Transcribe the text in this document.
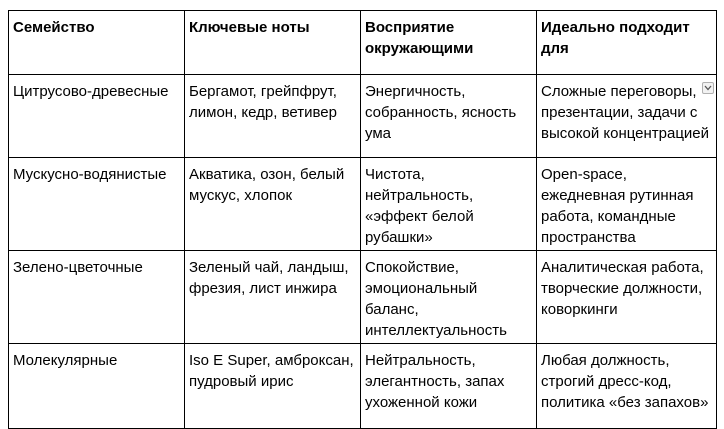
Семейство	Ключевые ноты	Восприятие окружающими	Идеально подходит для
Цитрусово-древесные	Бергамот, грейпфрут, лимон, кедр, ветивер	Энергичность, собранность, ясность ума	Сложные переговоры, презентации, задачи с высокой концентрацией

Мускусно-водянистые	Акватика, озон, белый мускус, хлопок	Чистота, нейтральность, «эффект белой рубашки»	Open-space, ежедневная рутинная работа, командные пространства
Зелено-цветочные	Зеленый чай, ландыш, фрезия, лист инжира	Спокойствие, эмоциональный баланс, интеллектуальность	Аналитическая работа, творческие должности, коворкинги
Молекулярные	Iso E Super, амброксан, пудровый ирис	Нейтральность, элегантность, запах ухоженной кожи	Любая должность, строгий дресс-код, политика «без запахов»
